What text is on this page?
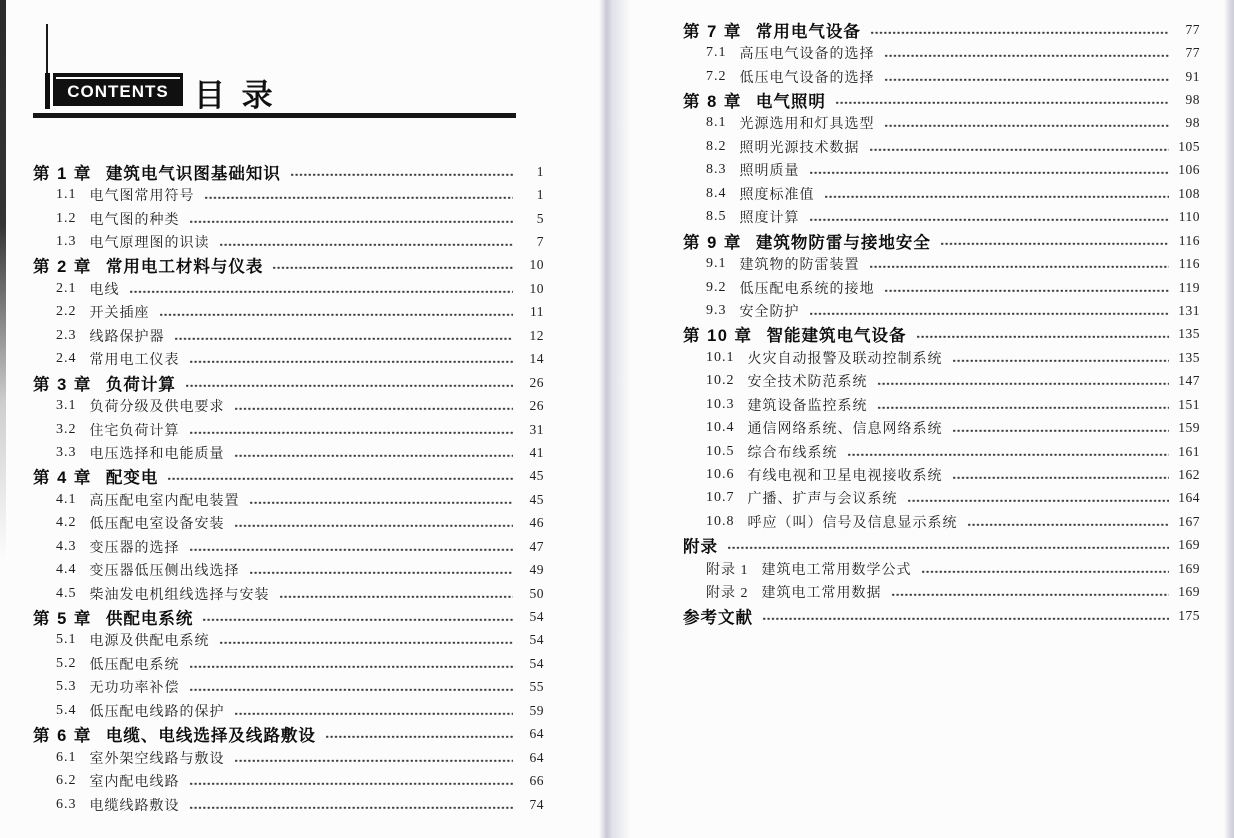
CONTENTS 目 录
第 1 章 建筑电气识图基础知识	1
1.1 电气图常用符号	1
1.2 电气图的种类	5
1.3 电气原理图的识读	7
第 2 章 常用电工材料与仪表	10
2.1 电线	10
2.2 开关插座	11
2.3 线路保护器	12
2.4 常用电工仪表	14
第 3 章 负荷计算	26
3.1 负荷分级及供电要求	26
3.2 住宅负荷计算	31
3.3 电压选择和电能质量	41
第 4 章 配变电	45
4.1 高压配电室内配电装置	45
4.2 低压配电室设备安装	46
4.3 变压器的选择	47
4.4 变压器低压侧出线选择	49
4.5 柴油发电机组线选择与安装	50
第 5 章 供配电系统	54
5.1 电源及供配电系统	54
5.2 低压配电系统	54
5.3 无功功率补偿	55
5.4 低压配电线路的保护	59
第 6 章 电缆、电线选择及线路敷设	64
6.1 室外架空线路与敷设	64
6.2 室内配电线路	66
6.3 电缆线路敷设	74
第 7 章 常用电气设备	77
7.1 高压电气设备的选择	77
7.2 低压电气设备的选择	91
第 8 章 电气照明	98
8.1 光源选用和灯具选型	98
8.2 照明光源技术数据	105
8.3 照明质量	106
8.4 照度标准值	108
8.5 照度计算	110
第 9 章 建筑物防雷与接地安全	116
9.1 建筑物的防雷装置	116
9.2 低压配电系统的接地	119
9.3 安全防护	131
第 10 章 智能建筑电气设备	135
10.1 火灾自动报警及联动控制系统	135
10.2 安全技术防范系统	147
10.3 建筑设备监控系统	151
10.4 通信网络系统、信息网络系统	159
10.5 综合布线系统	161
10.6 有线电视和卫星电视接收系统	162
10.7 广播、扩声与会议系统	164
10.8 呼应（叫）信号及信息显示系统	167
附录	169
附录 1 建筑电工常用数学公式	169
附录 2 建筑电工常用数据	169
参考文献	175
